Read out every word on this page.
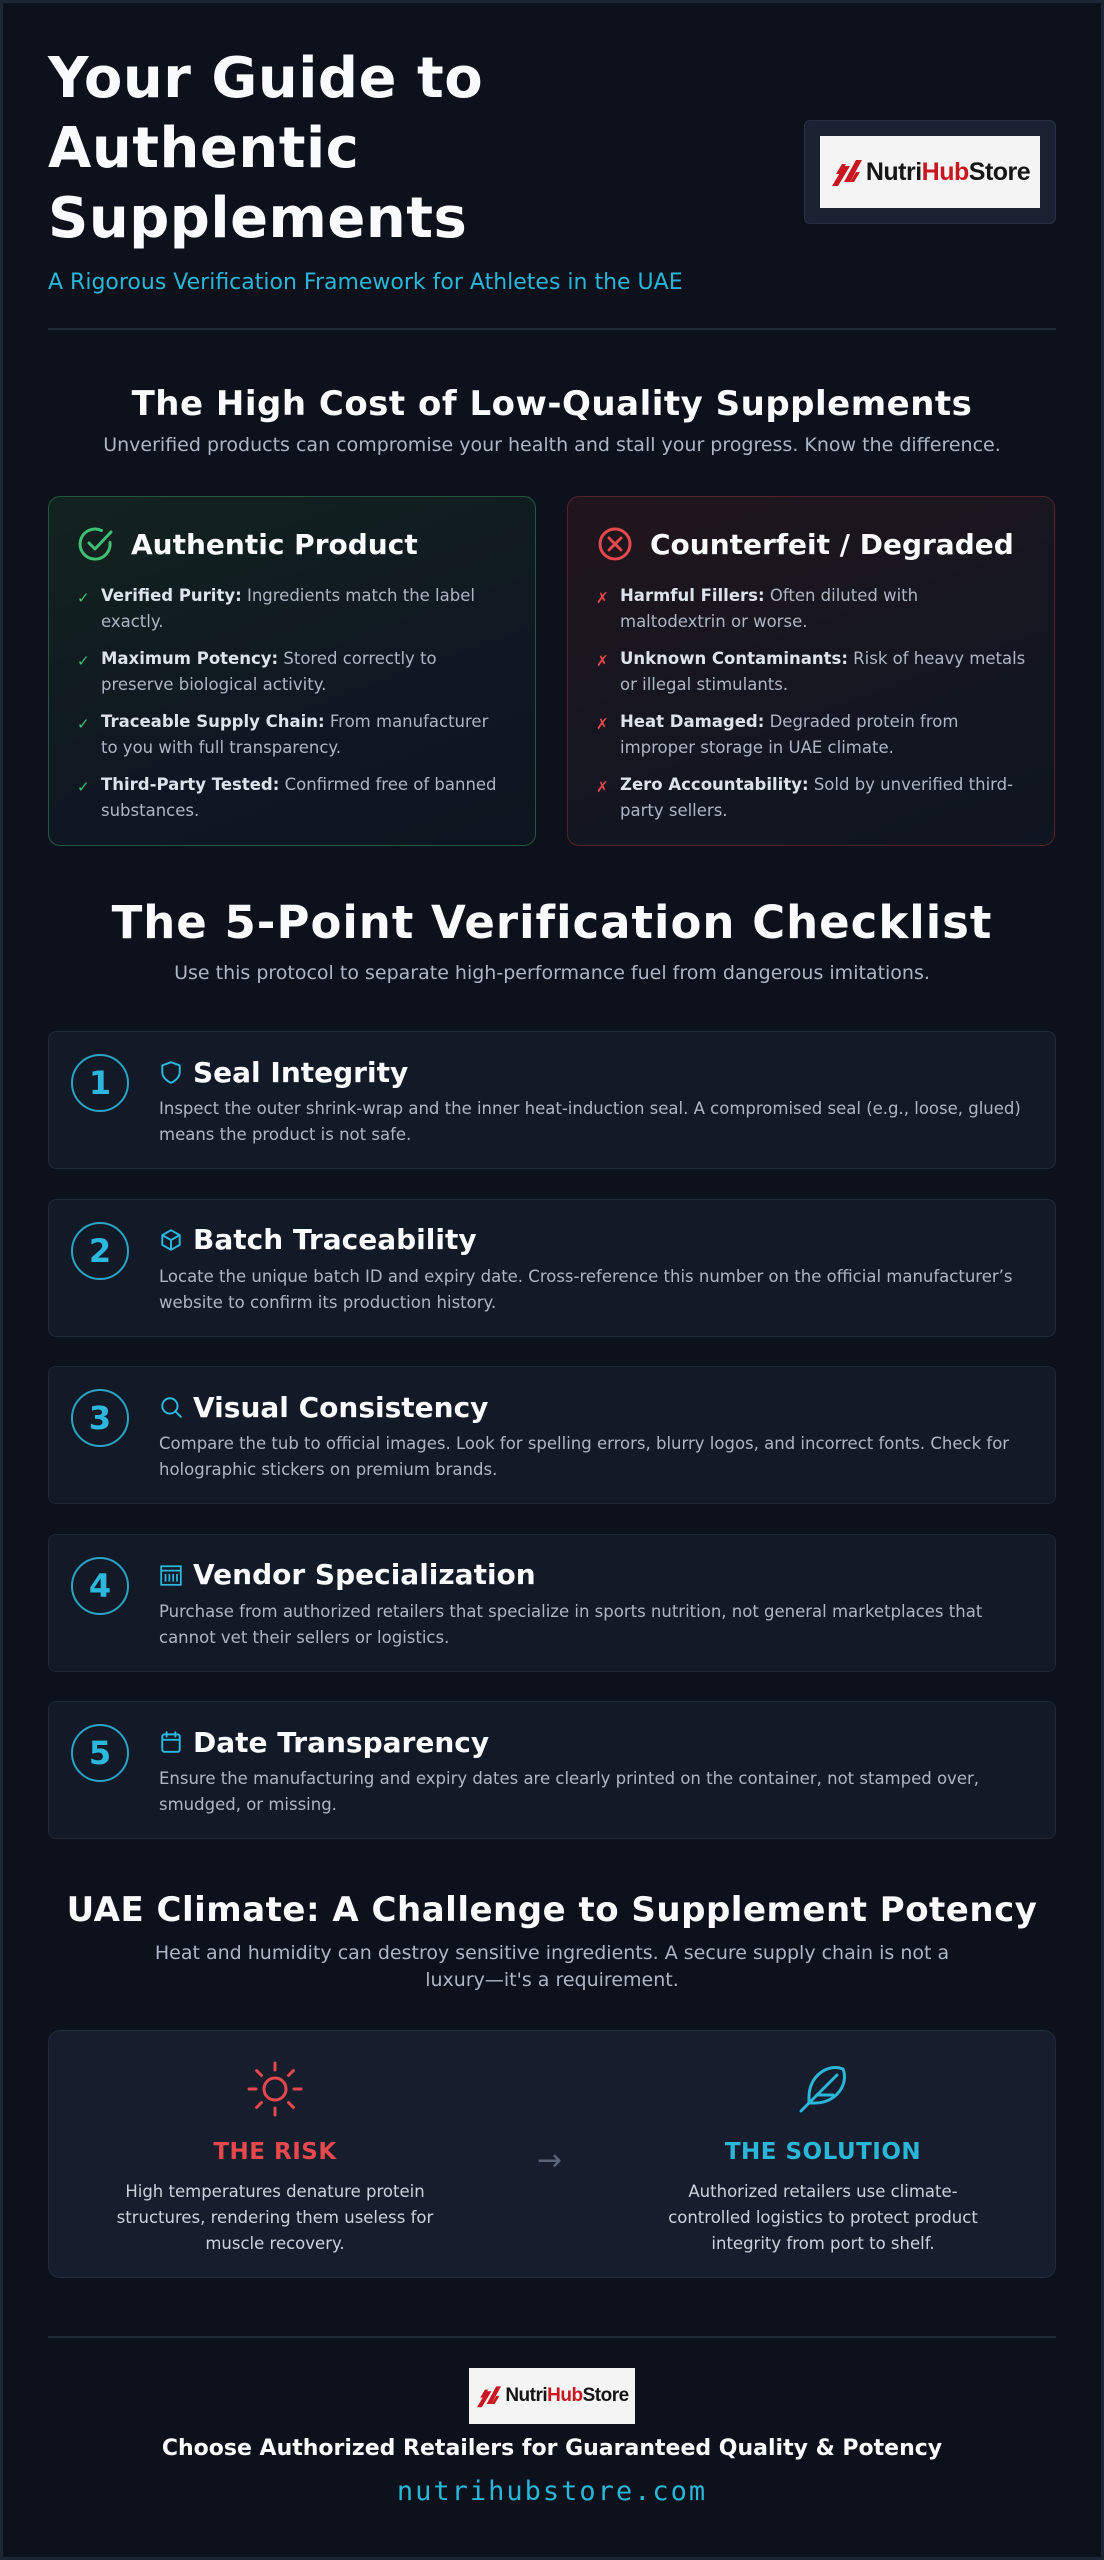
Your Guide to Authentic Supplements
A Rigorous Verification Framework for Athletes in the UAE
NutriHubStore
The High Cost of Low-Quality Supplements
Unverified products can compromise your health and stall your progress. Know the difference.
Authentic Product
✓ Verified Purity: Ingredients match the label exactly.
✓ Maximum Potency: Stored correctly to preserve biological activity.
✓ Traceable Supply Chain: From manufacturer to you with full transparency.
✓ Third-Party Tested: Confirmed free of banned substances.
Counterfeit / Degraded
✗ Harmful Fillers: Often diluted with maltodextrin or worse.
✗ Unknown Contaminants: Risk of heavy metals or illegal stimulants.
✗ Heat Damaged: Degraded protein from improper storage in UAE climate.
✗ Zero Accountability: Sold by unverified third-party sellers.
The 5-Point Verification Checklist
Use this protocol to separate high-performance fuel from dangerous imitations.
1	Seal Integrity
Inspect the outer shrink-wrap and the inner heat-induction seal. A compromised seal (e.g., loose, glued) means the product is not safe.
2	Batch Traceability
Locate the unique batch ID and expiry date. Cross-reference this number on the official manufacturer’s website to confirm its production history.
3	Visual Consistency
Compare the tub to official images. Look for spelling errors, blurry logos, and incorrect fonts. Check for holographic stickers on premium brands.
4	Vendor Specialization
Purchase from authorized retailers that specialize in sports nutrition, not general marketplaces that cannot vet their sellers or logistics.
5	Date Transparency
Ensure the manufacturing and expiry dates are clearly printed on the container, not stamped over, smudged, or missing.
UAE Climate: A Challenge to Supplement Potency
Heat and humidity can destroy sensitive ingredients. A secure supply chain is not a luxury—it's a requirement.
THE RISK
High temperatures denature protein structures, rendering them useless for muscle recovery.
→	THE SOLUTION
Authorized retailers use climate-controlled logistics to protect product integrity from port to shelf.
NutriHubStore
Choose Authorized Retailers for Guaranteed Quality & Potency
nutrihubstore.com
